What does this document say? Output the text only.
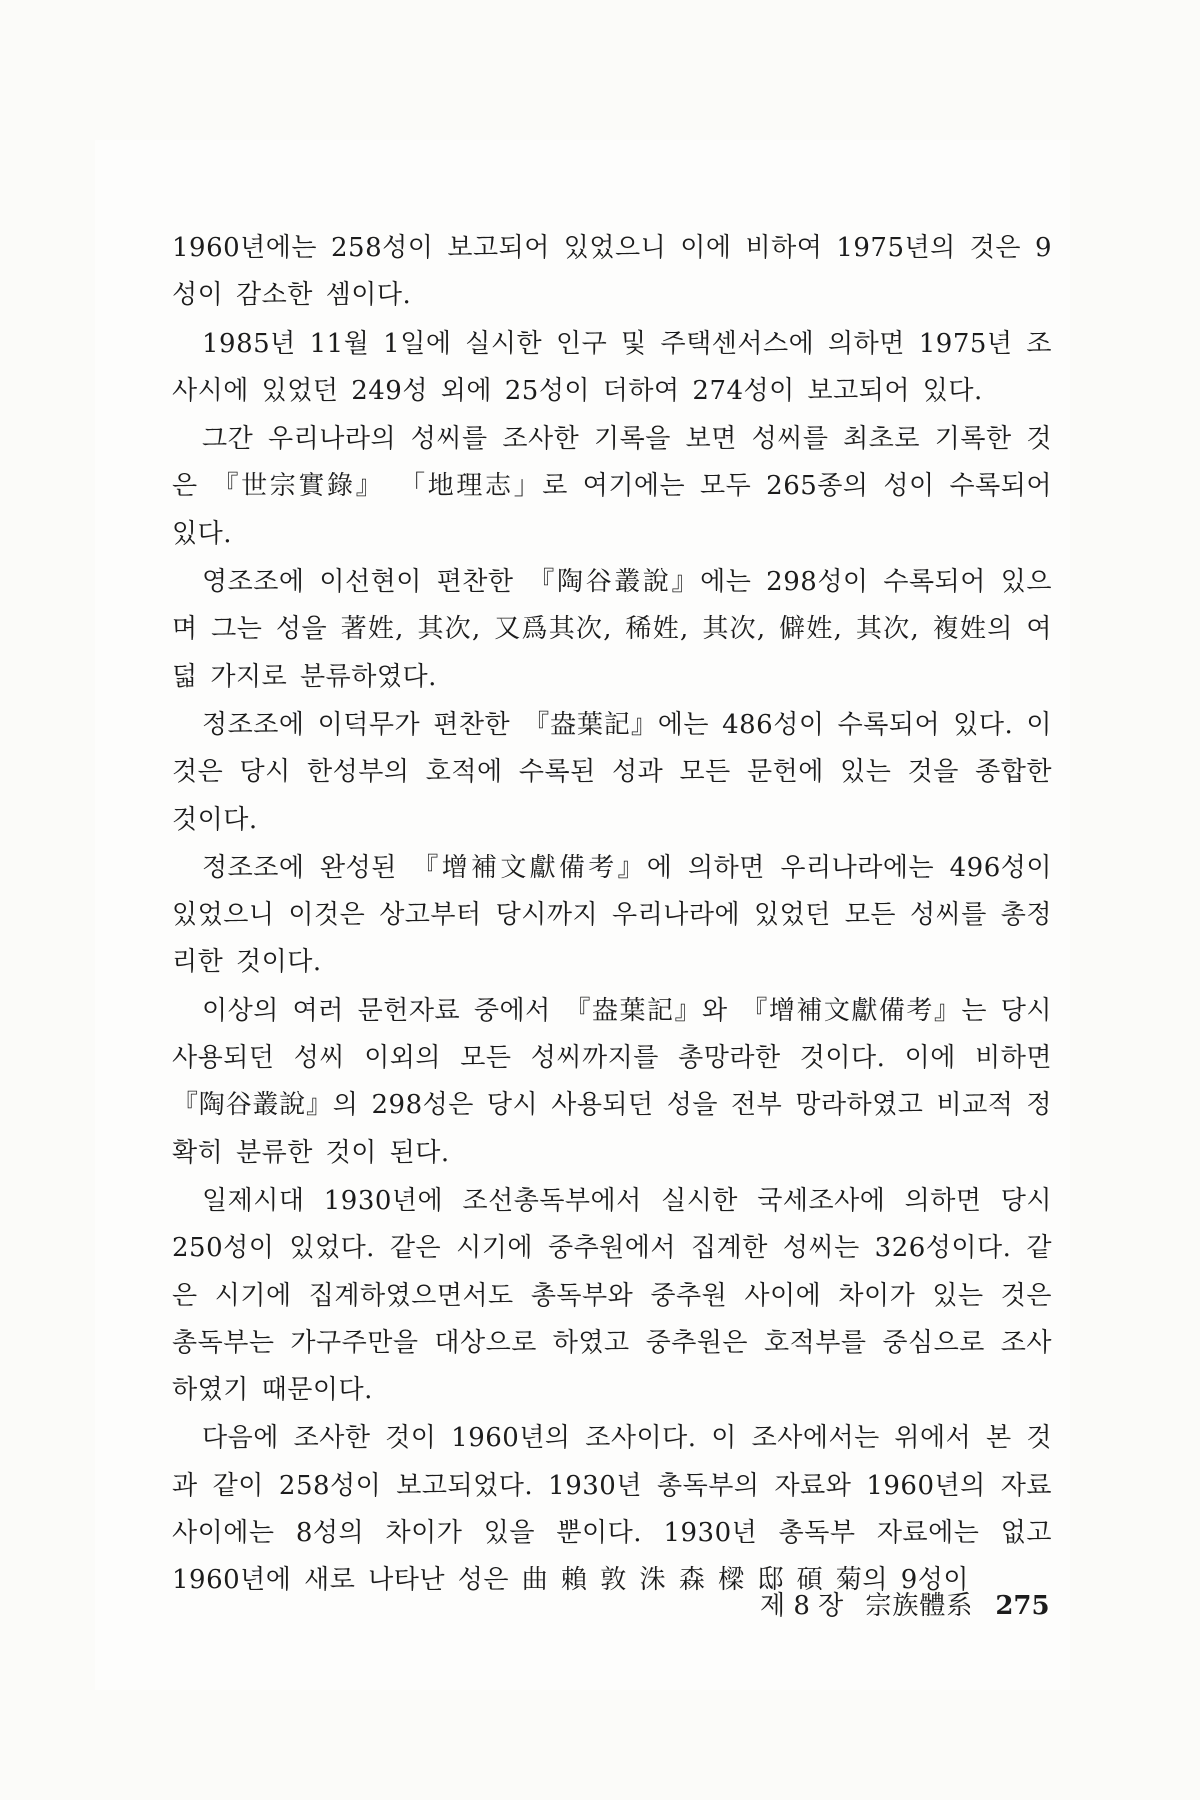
1960년에는 258성이 보고되어 있었으니 이에 비하여 1975년의 것은 9성이 감소한 셈이다.

1985년 11월 1일에 실시한 인구 및 주택센서스에 의하면 1975년 조사시에 있었던 249성 외에 25성이 더하여 274성이 보고되어 있다.

그간 우리나라의 성씨를 조사한 기록을 보면 성씨를 최초로 기록한 것은 『世宗實錄』 「地理志」로 여기에는 모두 265종의 성이 수록되어 있다.

영조조에 이선현이 편찬한 『陶谷叢說』에는 298성이 수록되어 있으며 그는 성을 著姓, 其次, 又爲其次, 稀姓, 其次, 僻姓, 其次, 複姓의 여덟 가지로 분류하였다.

정조조에 이덕무가 편찬한 『盎葉記』에는 486성이 수록되어 있다. 이것은 당시 한성부의 호적에 수록된 성과 모든 문헌에 있는 것을 종합한 것이다.

정조조에 완성된 『增補文獻備考』에 의하면 우리나라에는 496성이 있었으니 이것은 상고부터 당시까지 우리나라에 있었던 모든 성씨를 총정리한 것이다.

이상의 여러 문헌자료 중에서 『盎葉記』와 『增補文獻備考』는 당시 사용되던 성씨 이외의 모든 성씨까지를 총망라한 것이다. 이에 비하면 『陶谷叢說』의 298성은 당시 사용되던 성을 전부 망라하였고 비교적 정확히 분류한 것이 된다.

일제시대 1930년에 조선총독부에서 실시한 국세조사에 의하면 당시 250성이 있었다. 같은 시기에 중추원에서 집계한 성씨는 326성이다. 같은 시기에 집계하였으면서도 총독부와 중추원 사이에 차이가 있는 것은 총독부는 가구주만을 대상으로 하였고 중추원은 호적부를 중심으로 조사하였기 때문이다.

다음에 조사한 것이 1960년의 조사이다. 이 조사에서는 위에서 본 것과 같이 258성이 보고되었다. 1930년 총독부의 자료와 1960년의 자료 사이에는 8성의 차이가 있을 뿐이다. 1930년 총독부 자료에는 없고 1960년에 새로 나타난 성은 曲 賴 敦 洙 森 樑 邸 碩 菊의 9성이

제 8 장 宗族體系 275
